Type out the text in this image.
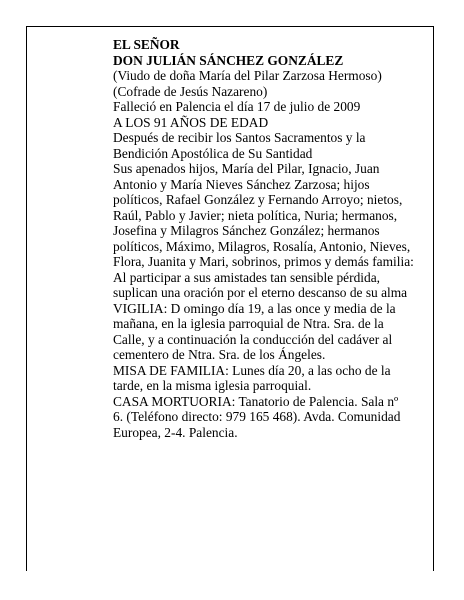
EL SEÑOR
DON JULIÁN SÁNCHEZ GONZÁLEZ
(Viudo de doña María del Pilar Zarzosa Hermoso)
(Cofrade de Jesús Nazareno)
Falleció en Palencia el día 17 de julio de 2009
A LOS 91 AÑOS DE EDAD
Después de recibir los Santos Sacramentos y la
Bendición Apostólica de Su Santidad
Sus apenados hijos, María del Pilar, Ignacio, Juan
Antonio y María Nieves Sánchez Zarzosa; hijos
políticos, Rafael González y Fernando Arroyo; nietos,
Raúl, Pablo y Javier; nieta política, Nuria; hermanos,
Josefina y Milagros Sánchez González; hermanos
políticos, Máximo, Milagros, Rosalía, Antonio, Nieves,
Flora, Juanita y Mari, sobrinos, primos y demás familia:
Al participar a sus amistades tan sensible pérdida,
suplican una oración por el eterno descanso de su alma
VIGILIA: D omingo día 19, a las once y media de la
mañana, en la iglesia parroquial de Ntra. Sra. de la
Calle, y a continuación la conducción del cadáver al
cementero de Ntra. Sra. de los Ángeles.
MISA DE FAMILIA: Lunes día 20, a las ocho de la
tarde, en la misma iglesia parroquial.
CASA MORTUORIA: Tanatorio de Palencia. Sala nº
6. (Teléfono directo: 979 165 468). Avda. Comunidad
Europea, 2-4. Palencia.
